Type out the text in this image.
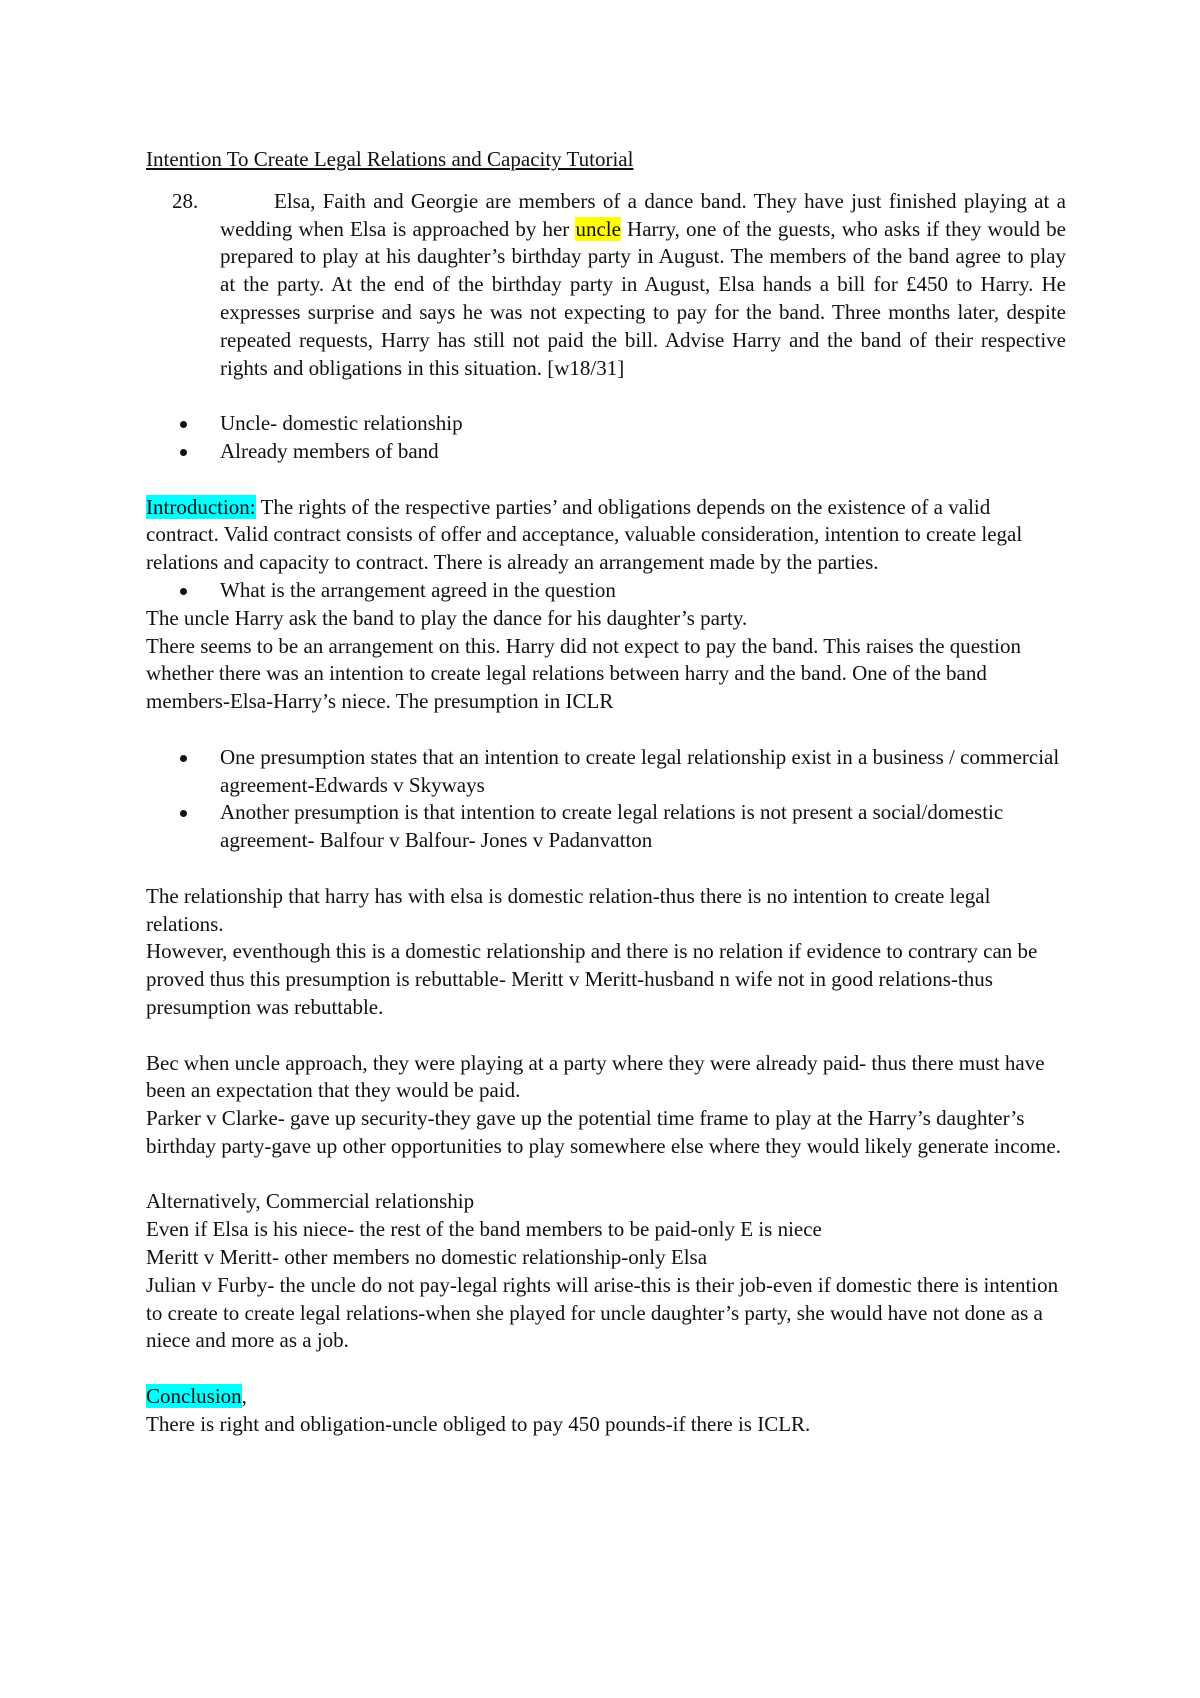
Intention To Create Legal Relations and Capacity Tutorial

28.	Elsa, Faith and Georgie are members of a dance band. They have just finished playing at a wedding when Elsa is approached by her uncle Harry, one of the guests, who asks if they would be prepared to play at his daughter’s birthday party in August. The members of the band agree to play at the party. At the end of the birthday party in August, Elsa hands a bill for £450 to Harry. He expresses surprise and says he was not expecting to pay for the band. Three months later, despite repeated requests, Harry has still not paid the bill. Advise Harry and the band of their respective rights and obligations in this situation. [w18/31]
Uncle- domestic relationship
Already members of band

Introduction: The rights of the respective parties’ and obligations depends on the existence of a valid contract. Valid contract consists of offer and acceptance, valuable consideration, intention to create legal relations and capacity to contract. There is already an arrangement made by the parties.

What is the arrangement agreed in the question

The uncle Harry ask the band to play the dance for his daughter’s party.

There seems to be an arrangement on this. Harry did not expect to pay the band. This raises the question whether there was an intention to create legal relations between harry and the band. One of the band members-Elsa-Harry’s niece. The presumption in ICLR

One presumption states that an intention to create legal relationship exist in a business / commercial agreement-Edwards v Skyways
Another presumption is that intention to create legal relations is not present a social/domestic agreement- Balfour v Balfour- Jones v Padanvatton

The relationship that harry has with elsa is domestic relation-thus there is no intention to create legal relations.

However, eventhough this is a domestic relationship and there is no relation if evidence to contrary can be proved thus this presumption is rebuttable- Meritt v Meritt-husband n wife not in good relations-thus presumption was rebuttable.

Bec when uncle approach, they were playing at a party where they were already paid- thus there must have been an expectation that they would be paid.

Parker v Clarke- gave up security-they gave up the potential time frame to play at the Harry’s daughter’s birthday party-gave up other opportunities to play somewhere else where they would likely generate income.

Alternatively, Commercial relationship

Even if Elsa is his niece- the rest of the band members to be paid-only E is niece

Meritt v Meritt- other members no domestic relationship-only Elsa

Julian v Furby- the uncle do not pay-legal rights will arise-this is their job-even if domestic there is intention to create to create legal relations-when she played for uncle daughter’s party, she would have not done as a niece and more as a job.

Conclusion,

There is right and obligation-uncle obliged to pay 450 pounds-if there is ICLR.
